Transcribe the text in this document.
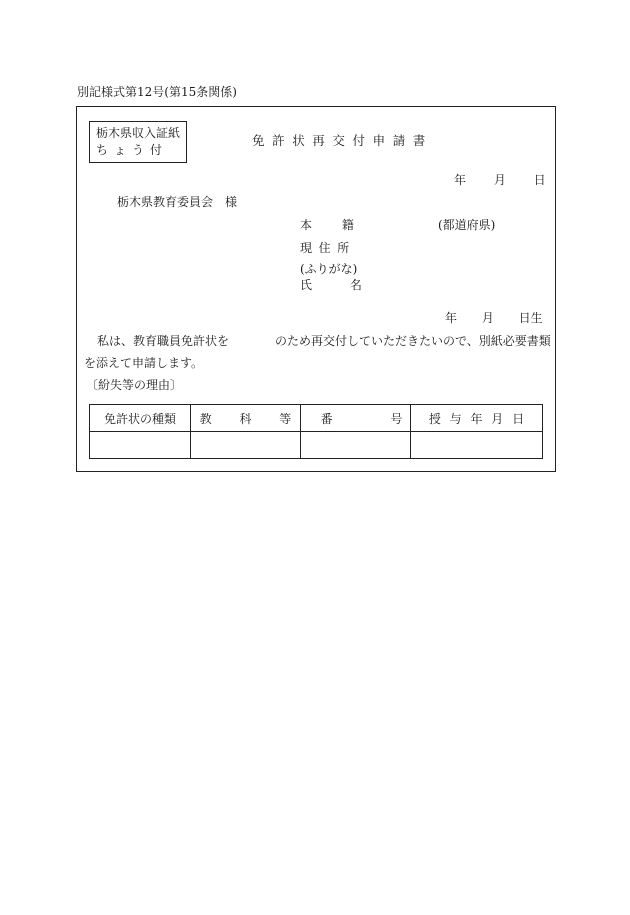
別記様式第12号(第15条関係)
栃木県収入証紙
ちょう付
免許状再交付申請書
年 月 日
栃木県教育委員会 様
本 籍	(都道府県)
現住所
(ふりがな)
氏 名
年 月 日生
私は、教育職員免許状を	のため再交付していただきたいので、別紙必要書類
を添えて申請します。
〔紛失等の理由〕
免許状の種類	教 科 等	番 号	授 与 年 月 日
